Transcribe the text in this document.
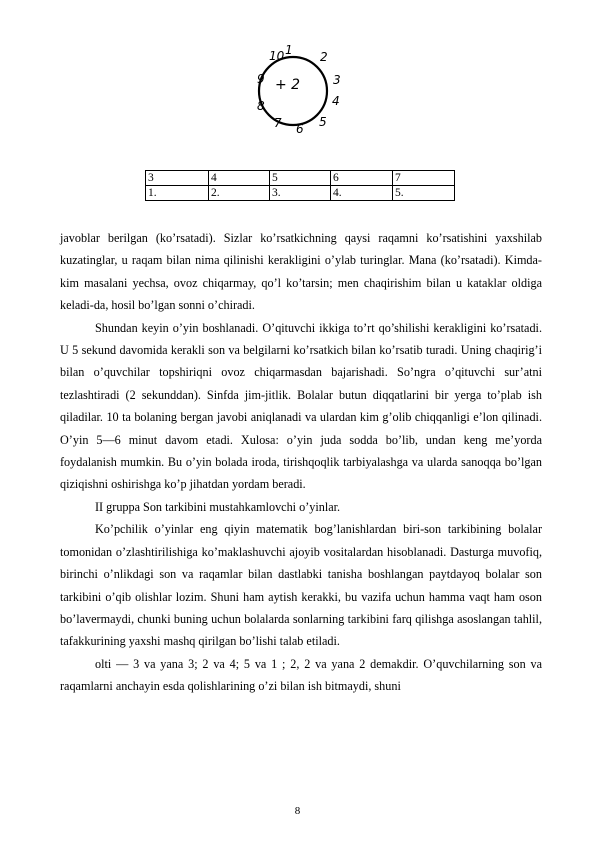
+ 2
1 2
3
4
5
6
7
8
9
10
3	4	5	6	7
1.	2.	3.	4.	5.

javoblar berilgan (ko’rsatadi). Sizlar ko’rsatkichning qaysi raqamni ko’rsatishini yaxshilab kuzatinglar, u raqam bilan nima qilinishi kerakligini o’ylab turinglar. Mana (ko’rsatadi). Kimda-kim masalani yechsa, ovoz chiqarmay, qo’l ko’tarsin; men chaqirishim bilan u kataklar oldiga keladi-da, hosil bo’lgan sonni o’chiradi.

Shundan keyin o’yin boshlanadi. O’qituvchi ikkiga to’rt qo’shilishi kerakligini ko’rsatadi. U 5 sekund davomida kerakli son va belgilarni ko’rsatkich bilan ko’rsatib turadi. Uning chaqirig’i bilan o’quvchilar topshiriqni ovoz chiqarmasdan bajarishadi. So’ngra o’qituvchi sur’atni tezlashtiradi (2 sekunddan). Sinfda jim-jitlik. Bolalar butun diqqatlarini bir yerga to’plab ish qiladilar. 10 ta bolaning bergan javobi aniqlanadi va ulardan kim g’olib chiqqanligi e’lon qilinadi. O’yin 5—6 minut davom etadi. Xulosa: o’yin juda sodda bo’lib, undan keng me’yorda foydalanish mumkin. Bu o’yin bolada iroda, tirishqoqlik tarbiyalashga va ularda sanoqqa bo’lgan qiziqishni oshirishga ko’p jihatdan yordam beradi.

II gruppa Son tarkibini mustahkamlovchi o’yinlar.

Ko’pchilik o’yinlar eng qiyin matematik bog’lanishlardan biri-son tarkibining bolalar tomonidan o’zlashtirilishiga ko’maklashuvchi ajoyib vositalardan hisoblanadi. Dasturga muvofiq, birinchi o’nlikdagi son va raqamlar bilan dastlabki tanisha boshlangan paytdayoq bolalar son tarkibini o’qib olishlar lozim. Shuni ham aytish kerakki, bu vazifa uchun hamma vaqt ham oson bo’lavermaydi, chunki buning uchun bolalarda sonlarning tarkibini farq qilishga asoslangan tahlil, tafakkurining yaxshi mashq qirilgan bo’lishi talab etiladi.

olti — 3 va yana 3; 2 va 4; 5 va 1 ; 2, 2 va yana 2 demakdir. O’quvchilarning son va raqamlarni anchayin esda qolishlarining o’zi bilan ish bitmaydi, shuni

8
